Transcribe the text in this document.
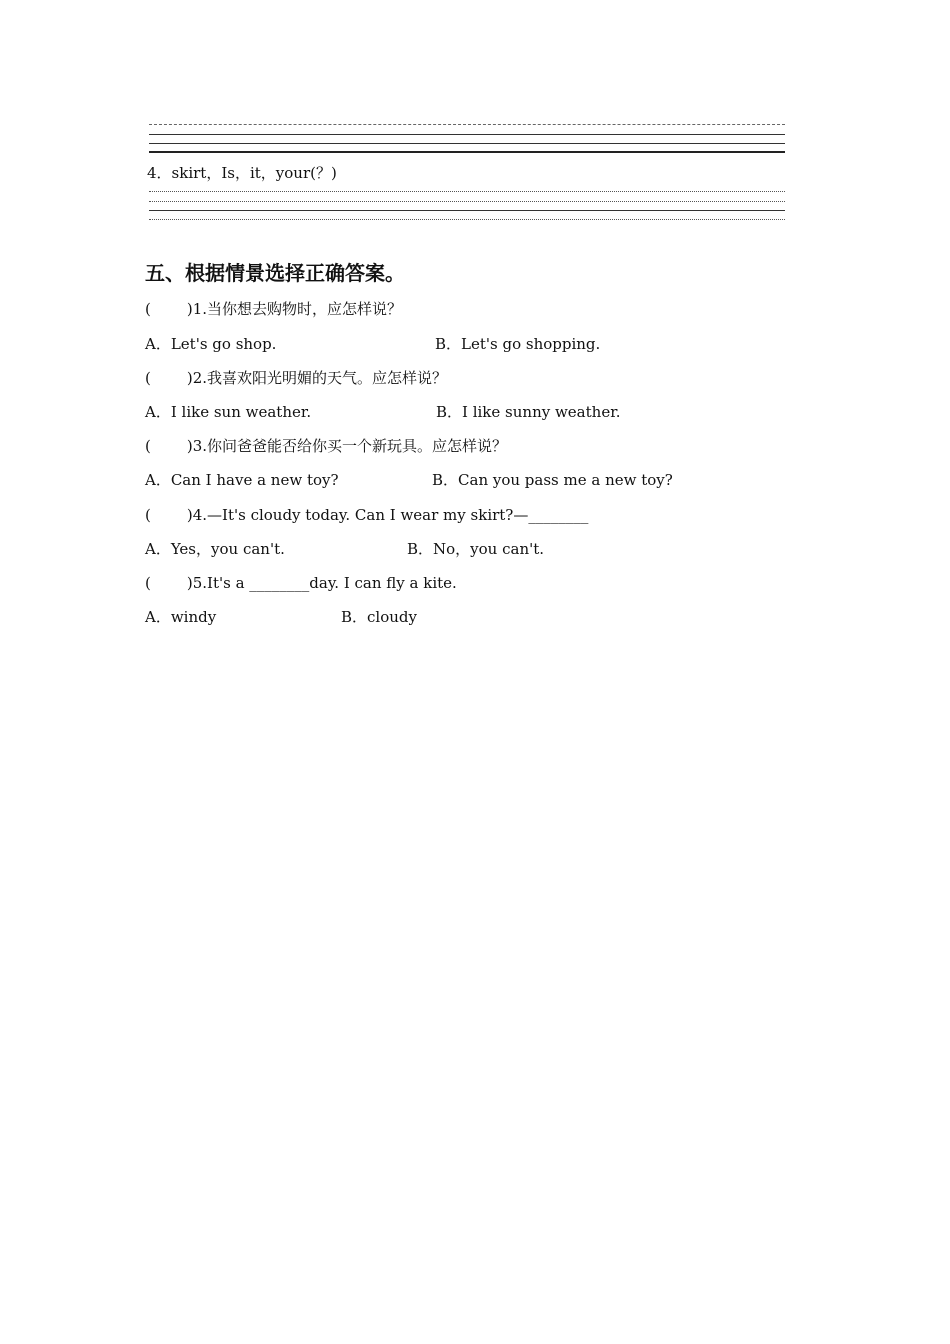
4．skirt，Is，it，your(？)
五、根据情景选择正确答案。
( )1.当你想去购物时，应怎样说？
A．Let's go shop.	B．Let's go shopping.
( )2.我喜欢阳光明媚的天气。应怎样说？
A．I like sun weather.	B．I like sunny weather.
( )3.你问爸爸能否给你买一个新玩具。应怎样说？
A．Can I have a new toy?	B．Can you pass me a new toy?
( )4.—It's cloudy today. Can I wear my skirt?—________
A．Yes，you can't.	B．No，you can't.
( )5.It's a ________day. I can fly a kite.
A．windy	B．cloudy
